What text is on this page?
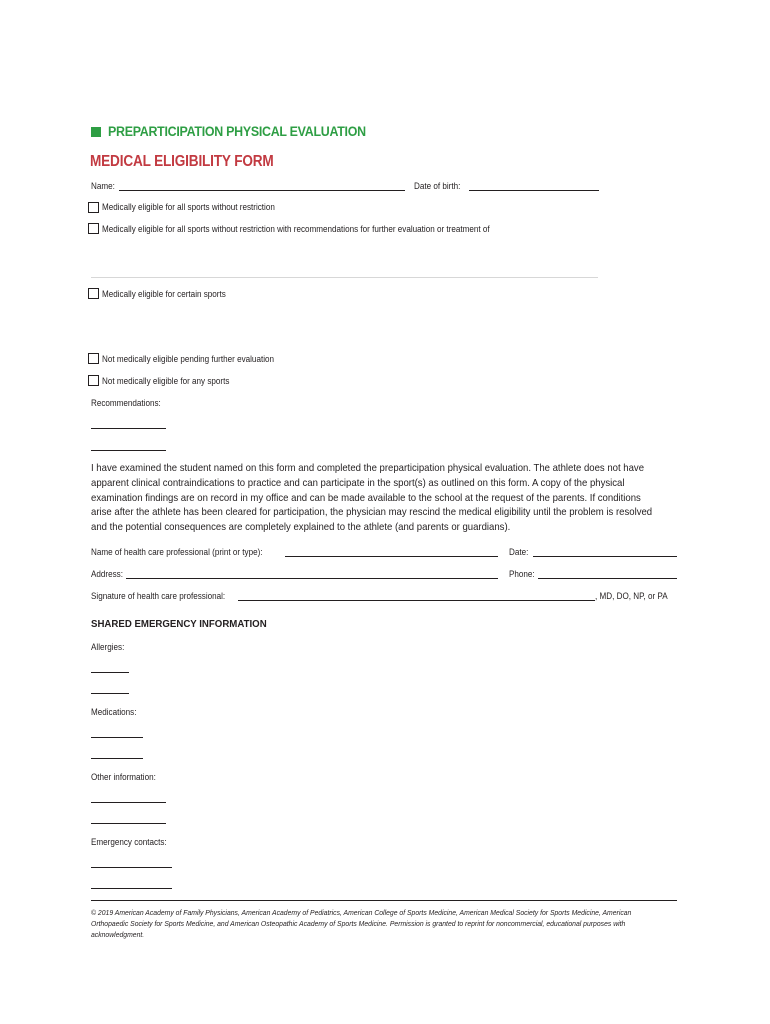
PREPARTICIPATION PHYSICAL EVALUATION
MEDICAL ELIGIBILITY FORM
Name:	Date of birth:
Medically eligible for all sports without restriction
Medically eligible for all sports without restriction with recommendations for further evaluation or treatment of
Medically eligible for certain sports
Not medically eligible pending further evaluation
Not medically eligible for any sports
Recommendations:
I have examined the student named on this form and completed the preparticipation physical evaluation. The athlete does not have apparent clinical contraindications to practice and can participate in the sport(s) as outlined on this form. A copy of the physical examination findings are on record in my office and can be made available to the school at the request of the parents. If conditions arise after the athlete has been cleared for participation, the physician may rescind the medical eligibility until the problem is resolved and the potential consequences are completely explained to the athlete (and parents or guardians).
Name of health care professional (print or type):	Date:
Address:	Phone:
Signature of health care professional:	, MD, DO, NP, or PA
SHARED EMERGENCY INFORMATION
Allergies:
Medications:
Other information:
Emergency contacts:
© 2019 American Academy of Family Physicians, American Academy of Pediatrics, American College of Sports Medicine, American Medical Society for Sports Medicine, American Orthopaedic Society for Sports Medicine, and American Osteopathic Academy of Sports Medicine. Permission is granted to reprint for noncommercial, educational purposes with acknowledgment.
